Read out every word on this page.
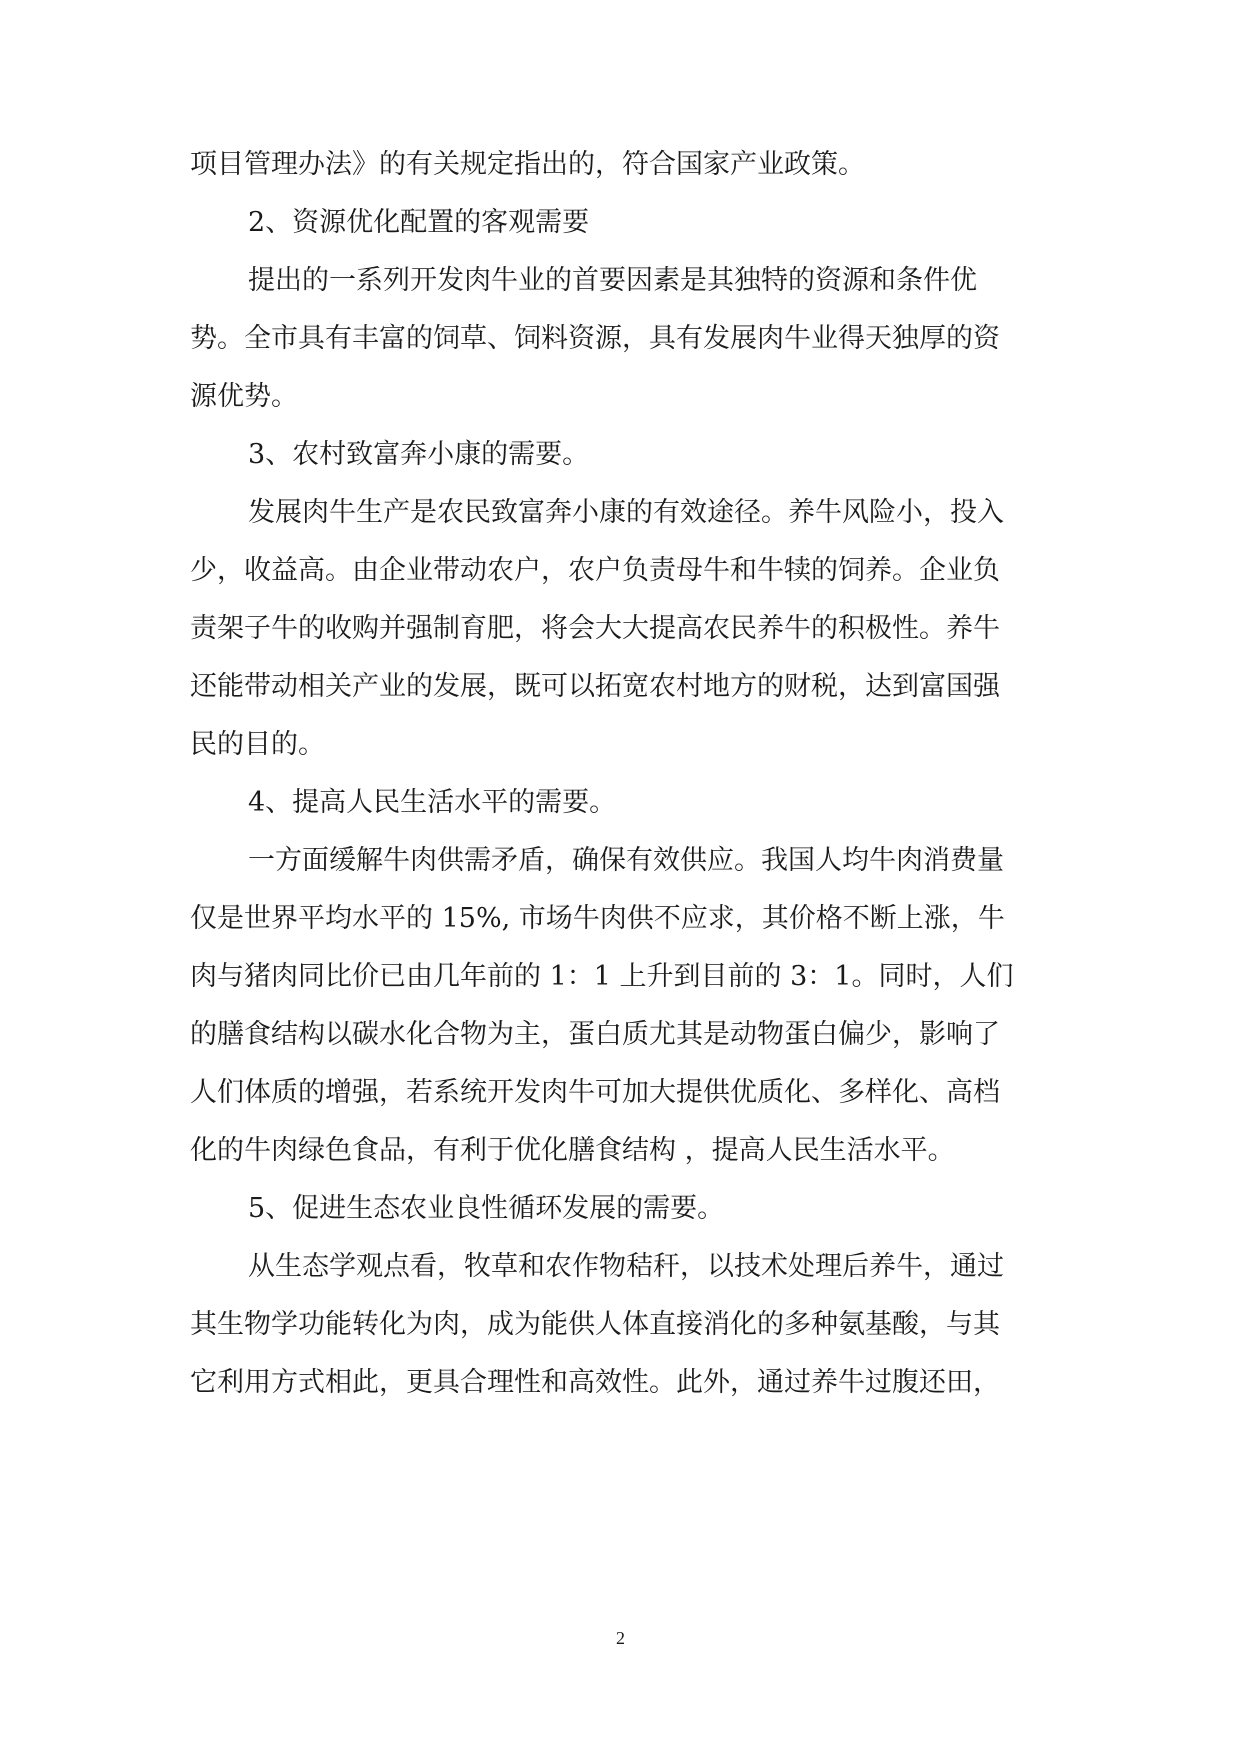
项目管理办法》的有关规定指出的，符合国家产业政策。
2、资源优化配置的客观需要
提出的一系列开发肉牛业的首要因素是其独特的资源和条件优
势。全市具有丰富的饲草、饲料资源，具有发展肉牛业得天独厚的资
源优势。
3、农村致富奔小康的需要。
发展肉牛生产是农民致富奔小康的有效途径。养牛风险小，投入
少，收益高。由企业带动农户，农户负责母牛和牛犊的饲养。企业负
责架子牛的收购并强制育肥，将会大大提高农民养牛的积极性。养牛
还能带动相关产业的发展，既可以拓宽农村地方的财税，达到富国强
民的目的。
4、提高人民生活水平的需要。
一方面缓解牛肉供需矛盾，确保有效供应。我国人均牛肉消费量
仅是世界平均水平的 15%, 市场牛肉供不应求，其价格不断上涨，牛
肉与猪肉同比价已由几年前的 1：1 上升到目前的 3：1。同时，人们
的膳食结构以碳水化合物为主，蛋白质尤其是动物蛋白偏少，影响了
人们体质的增强，若系统开发肉牛可加大提供优质化、多样化、高档
化的牛肉绿色食品，有利于优化膳食结构 ，提高人民生活水平。
5、促进生态农业良性循环发展的需要。
从生态学观点看，牧草和农作物秸秆，以技术处理后养牛，通过
其生物学功能转化为肉，成为能供人体直接消化的多种氨基酸，与其
它利用方式相此，更具合理性和高效性。此外，通过养牛过腹还田，
2
